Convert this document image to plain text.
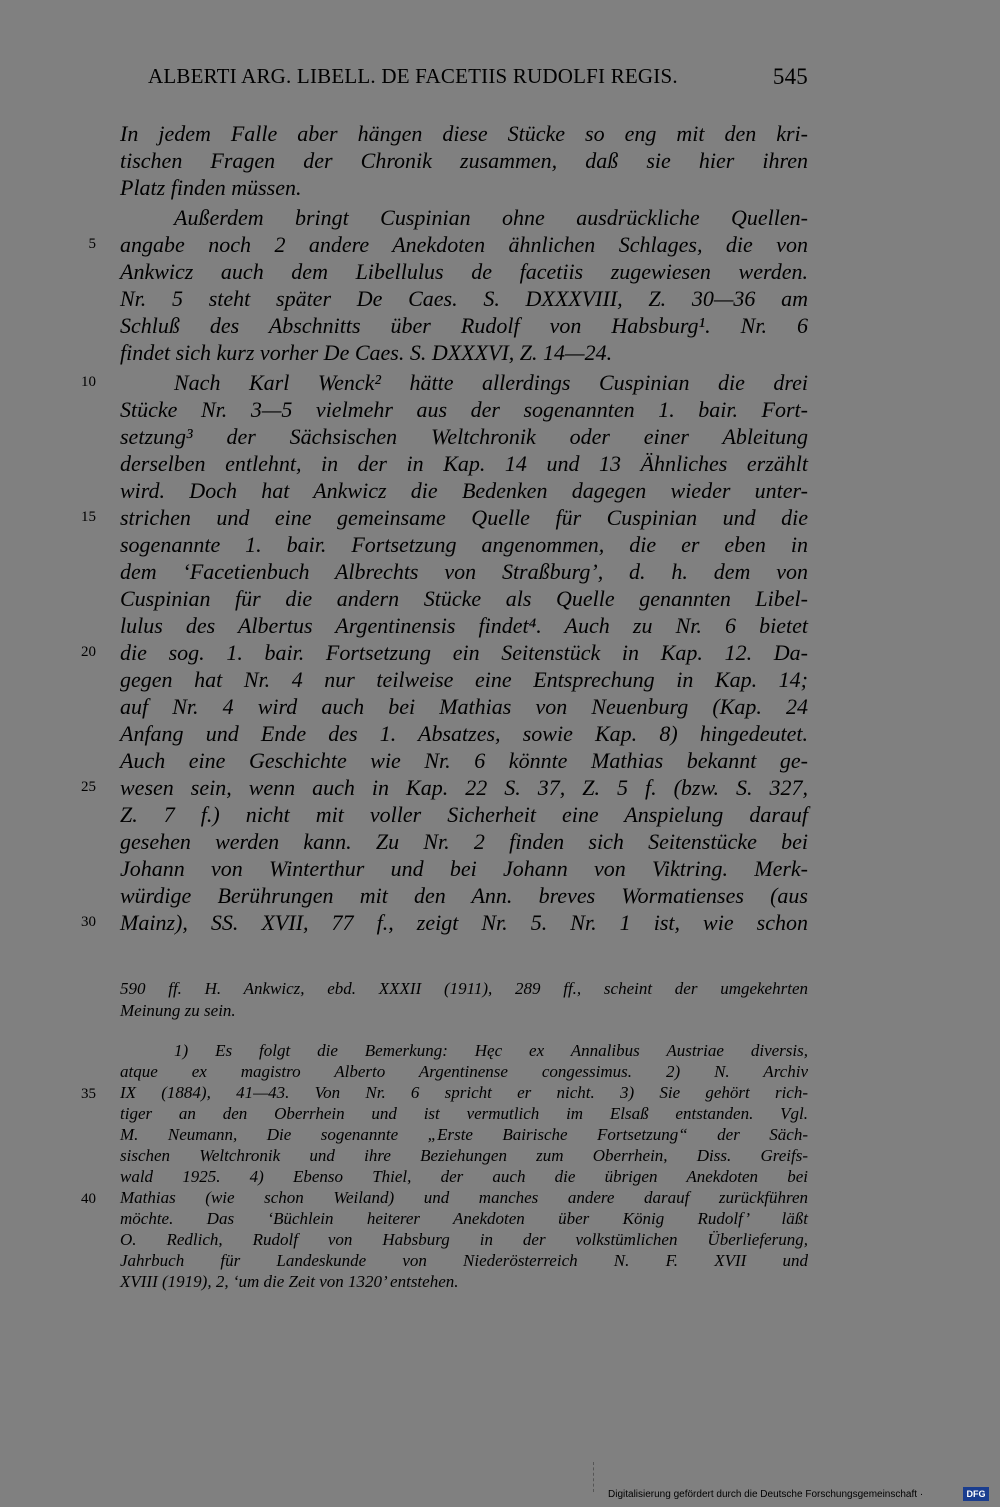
ALBERTI ARG. LIBELL. DE FACETIIS RUDOLFI REGIS.	545
In jedem Falle aber hängen diese Stücke so eng mit den kri-
tischen Fragen der Chronik zusammen, daß sie hier ihren
Platz finden müssen.
Außerdem bringt Cuspinian ohne ausdrückliche Quellen-
angabe noch 2 andere Anekdoten ähnlichen Schlages, die von
Ankwicz auch dem Libellulus de facetiis zugewiesen werden.
Nr. 5 steht später De Caes. S. DXXXVIII, Z. 30—36 am
Schluß des Abschnitts über Rudolf von Habsburg¹. Nr. 6
findet sich kurz vorher De Caes. S. DXXXVI, Z. 14—24.
Nach Karl Wenck² hätte allerdings Cuspinian die drei
Stücke Nr. 3—5 vielmehr aus der sogenannten 1. bair. Fort-
setzung³ der Sächsischen Weltchronik oder einer Ableitung
derselben entlehnt, in der in Kap. 14 und 13 Ähnliches erzählt
wird. Doch hat Ankwicz die Bedenken dagegen wieder unter-
strichen und eine gemeinsame Quelle für Cuspinian und die
sogenannte 1. bair. Fortsetzung angenommen, die er eben in
dem ‘Facetienbuch Albrechts von Straßburg’, d. h. dem von
Cuspinian für die andern Stücke als Quelle genannten Libel-
lulus des Albertus Argentinensis findet⁴. Auch zu Nr. 6 bietet
die sog. 1. bair. Fortsetzung ein Seitenstück in Kap. 12. Da-
gegen hat Nr. 4 nur teilweise eine Entsprechung in Kap. 14;
auf Nr. 4 wird auch bei Mathias von Neuenburg (Kap. 24
Anfang und Ende des 1. Absatzes, sowie Kap. 8) hingedeutet.
Auch eine Geschichte wie Nr. 6 könnte Mathias bekannt ge-
wesen sein, wenn auch in Kap. 22 S. 37, Z. 5 f. (bzw. S. 327,
Z. 7 f.) nicht mit voller Sicherheit eine Anspielung darauf
gesehen werden kann. Zu Nr. 2 finden sich Seitenstücke bei
Johann von Winterthur und bei Johann von Viktring. Merk-
würdige Berührungen mit den Ann. breves Wormatienses (aus
Mainz), SS. XVII, 77 f., zeigt Nr. 5. Nr. 1 ist, wie schon
590 ff. H. Ankwicz, ebd. XXXII (1911), 289 ff., scheint der umgekehrten
Meinung zu sein.
1) Es folgt die Bemerkung: Hęc ex Annalibus Austriae diversis,
atque ex magistro Alberto Argentinense congessimus. 2) N. Archiv
IX (1884), 41—43. Von Nr. 6 spricht er nicht. 3) Sie gehört rich-
tiger an den Oberrhein und ist vermutlich im Elsaß entstanden. Vgl.
M. Neumann, Die sogenannte „Erste Bairische Fortsetzung“ der Säch-
sischen Weltchronik und ihre Beziehungen zum Oberrhein, Diss. Greifs-
wald 1925. 4) Ebenso Thiel, der auch die übrigen Anekdoten bei
Mathias (wie schon Weiland) und manches andere darauf zurückführen
möchte. Das ‘Büchlein heiterer Anekdoten über König Rudolf’ läßt
O. Redlich, Rudolf von Habsburg in der volkstümlichen Überlieferung,
Jahrbuch für Landeskunde von Niederösterreich N. F. XVII und
XVIII (1919), 2, ‘um die Zeit von 1320’ entstehen.
5
10
15
20
25
30
35
40
Digitalisierung gefördert durch die Deutsche Forschungsgemeinschaft ·	DFG
